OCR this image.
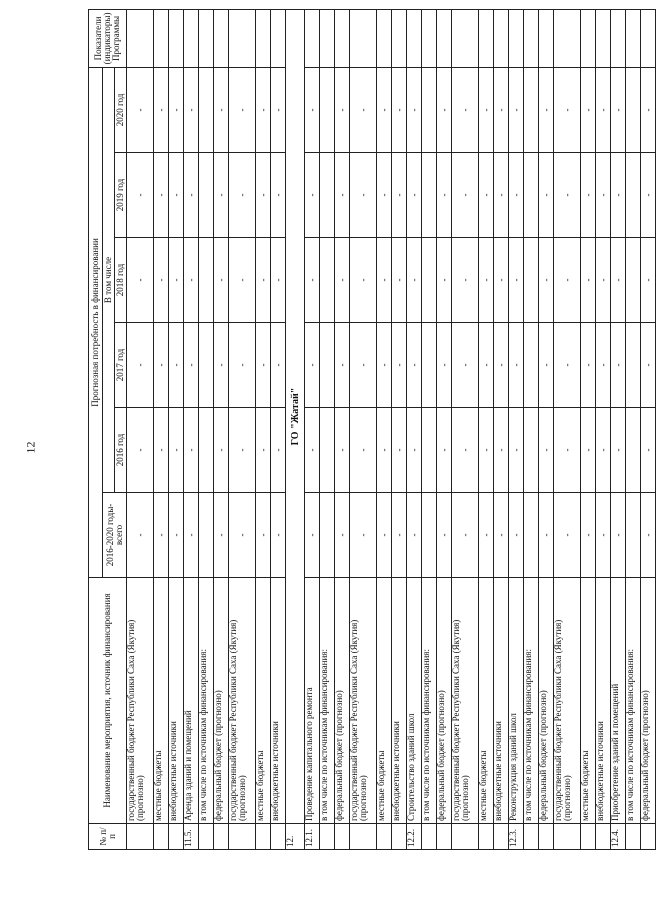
12
№ п/п	Наименование мероприятия, источник финансирования	Прогнозная потребность в финансировании						Показатели (индикаторы) Программы
		2016-2020 годы- всего	В том числе					
			2016 год	2017 год	2018 год	2019 год	2020 год	
	государственный бюджет Республики Саха (Якутия) (прогнозно)	-	-	-	-	-	-	
	местные бюджеты	-	-	-	-	-	-	
	внебюджетные источники	-	-	-	-	-	-	
11.5.	Аренда зданий и помещений	-	-	-	-	-	-	
	в том числе по источникам финансирования:							
	федеральный бюджет (прогнозно)	-	-	-	-	-	-	
	государственный бюджет Республики Саха (Якутия) (прогнозно)	-	-	-	-	-	-	
	местные бюджеты	-	-	-	-	-	-	
	внебюджетные источники	-	-	-	-	-	-	
12.	ГО "Жатай"							
12.1.	Проведение капитального ремонта	-	-	-	-	-	-	
	в том числе по источникам финансирования:							
	федеральный бюджет (прогнозно)	-	-	-	-	-	-	
	государственный бюджет Республики Саха (Якутия) (прогнозно)	-	-	-	-	-	-	
	местные бюджеты	-	-	-	-	-	-	
	внебюджетные источники	-	-	-	-	-	-	
12.2.	Строительство зданий школ	-	-	-	-	-	-	
	в том числе по источникам финансирования:							
	федеральный бюджет (прогнозно)	-	-	-	-	-	-	
	государственный бюджет Республики Саха (Якутия) (прогнозно)	-	-	-	-	-	-	
	местные бюджеты	-	-	-	-	-	-	
	внебюджетные источники	-	-	-	-	-	-	
12.3.	Реконструкция зданий школ	-	-	-	-	-	-	
	в том числе по источникам финансирования:							
	федеральный бюджет (прогнозно)	-	-	-	-	-	-	
	государственный бюджет Республики Саха (Якутия) (прогнозно)	-	-	-	-	-	-	
	местные бюджеты	-	-	-	-	-	-	
	внебюджетные источники	-	-	-	-	-	-	
12.4.	Приобретение зданий и помещений	-	-	-	-	-	-	
	в том числе по источникам финансирования:							
	федеральный бюджет (прогнозно)	-	-	-	-	-	-	
